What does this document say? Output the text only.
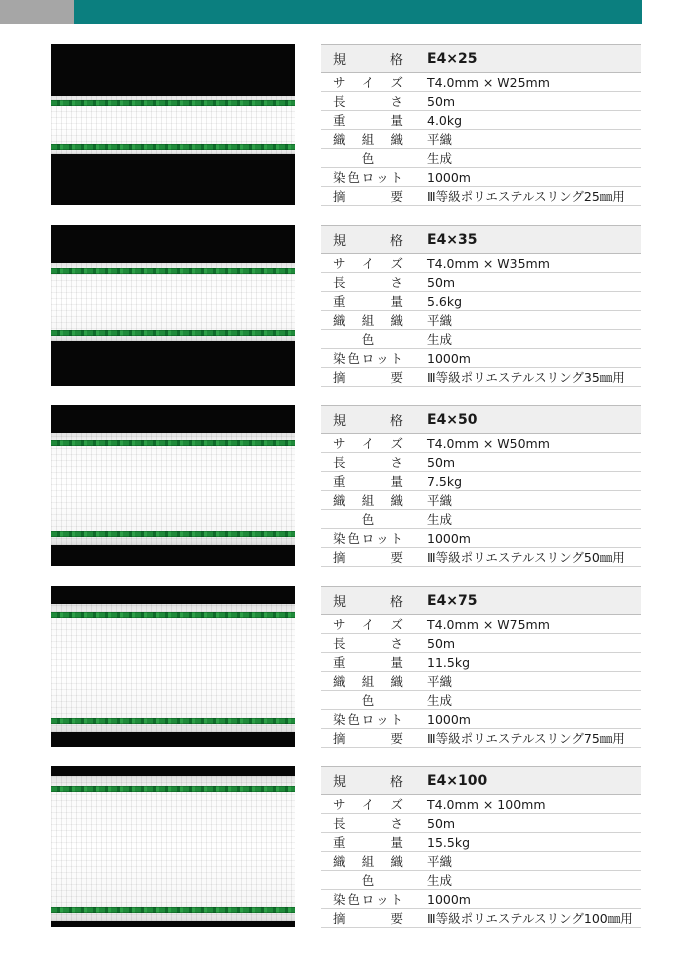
規 格	E4×25

サ イ ズ	T4.0mm × W25mm

長 さ	50m

重 量	4.0kg

織 組 織	平織

色	生成

染 色 ロ ッ ト	1000m

摘 要	Ⅲ等級ポリエステルスリング25㎜用
規 格	E4×35

サ イ ズ	T4.0mm × W35mm

長 さ	50m

重 量	5.6kg

織 組 織	平織

色	生成

染 色 ロ ッ ト	1000m

摘 要	Ⅲ等級ポリエステルスリング35㎜用
規 格	E4×50

サ イ ズ	T4.0mm × W50mm

長 さ	50m

重 量	7.5kg

織 組 織	平織

色	生成

染 色 ロ ッ ト	1000m

摘 要	Ⅲ等級ポリエステルスリング50㎜用
規 格	E4×75

サ イ ズ	T4.0mm × W75mm

長 さ	50m

重 量	11.5kg

織 組 織	平織

色	生成

染 色 ロ ッ ト	1000m

摘 要	Ⅲ等級ポリエステルスリング75㎜用
規 格	E4×100

サ イ ズ	T4.0mm × 100mm

長 さ	50m

重 量	15.5kg

織 組 織	平織

色	生成

染 色 ロ ッ ト	1000m

摘 要	Ⅲ等級ポリエステルスリング100㎜用
